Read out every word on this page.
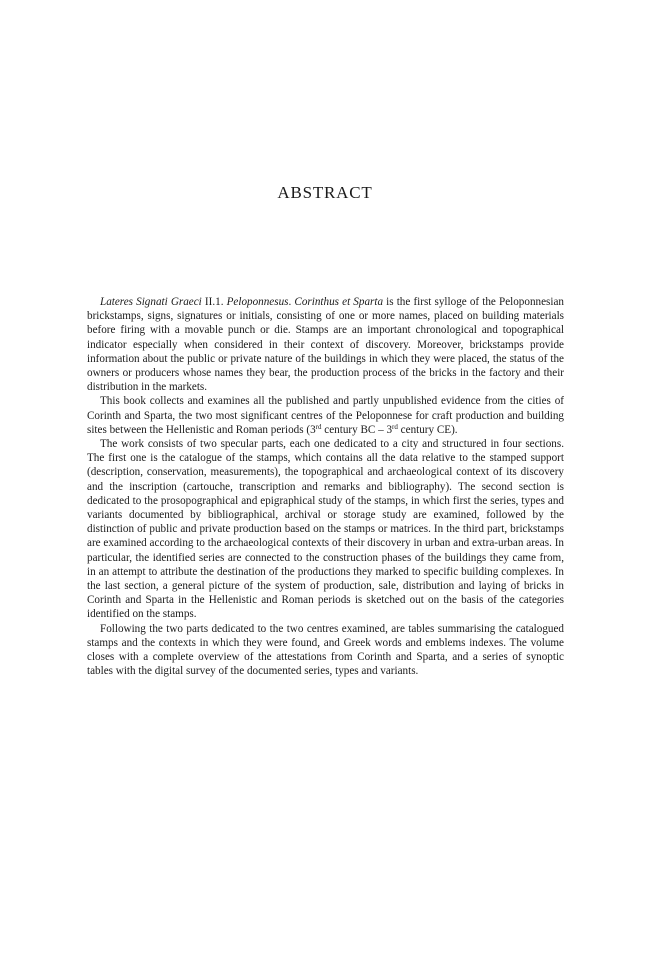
ABSTRACT

Lateres Signati Graeci II.1. Peloponnesus. Corinthus et Sparta is the first sylloge of the Peloponnesian brickstamps, signs, signatures or initials, consisting of one or more names, placed on building materials before firing with a movable punch or die. Stamps are an important chronological and topographical indicator especially when considered in their context of discovery. Moreover, brickstamps provide information about the public or private nature of the buildings in which they were placed, the status of the owners or producers whose names they bear, the production process of the bricks in the factory and their distribution in the markets.

This book collects and examines all the published and partly unpublished evidence from the cities of Corinth and Sparta, the two most significant centres of the Peloponnese for craft production and building sites between the Hellenistic and Roman periods (3rd century BC – 3rd century CE).

The work consists of two specular parts, each one dedicated to a city and structured in four sections. The first one is the catalogue of the stamps, which contains all the data relative to the stamped support (description, conservation, measurements), the topographical and archaeological context of its discovery and the inscription (cartouche, transcription and remarks and bibliography). The second section is dedicated to the prosopographical and epigraphical study of the stamps, in which first the series, types and variants documented by bibliographical, archival or storage study are examined, followed by the distinction of public and private production based on the stamps or matrices. In the third part, brickstamps are examined according to the archaeological contexts of their discovery in urban and extra-urban areas. In particular, the identified series are connected to the construction phases of the buildings they came from, in an attempt to attribute the destination of the productions they marked to specific building complexes. In the last section, a general picture of the system of production, sale, distribution and laying of bricks in Corinth and Sparta in the Hellenistic and Roman periods is sketched out on the basis of the categories identified on the stamps.

Following the two parts dedicated to the two centres examined, are tables summarising the catalogued stamps and the contexts in which they were found, and Greek words and emblems indexes. The volume closes with a complete overview of the attestations from Corinth and Sparta, and a series of synoptic tables with the digital survey of the documented series, types and variants.
